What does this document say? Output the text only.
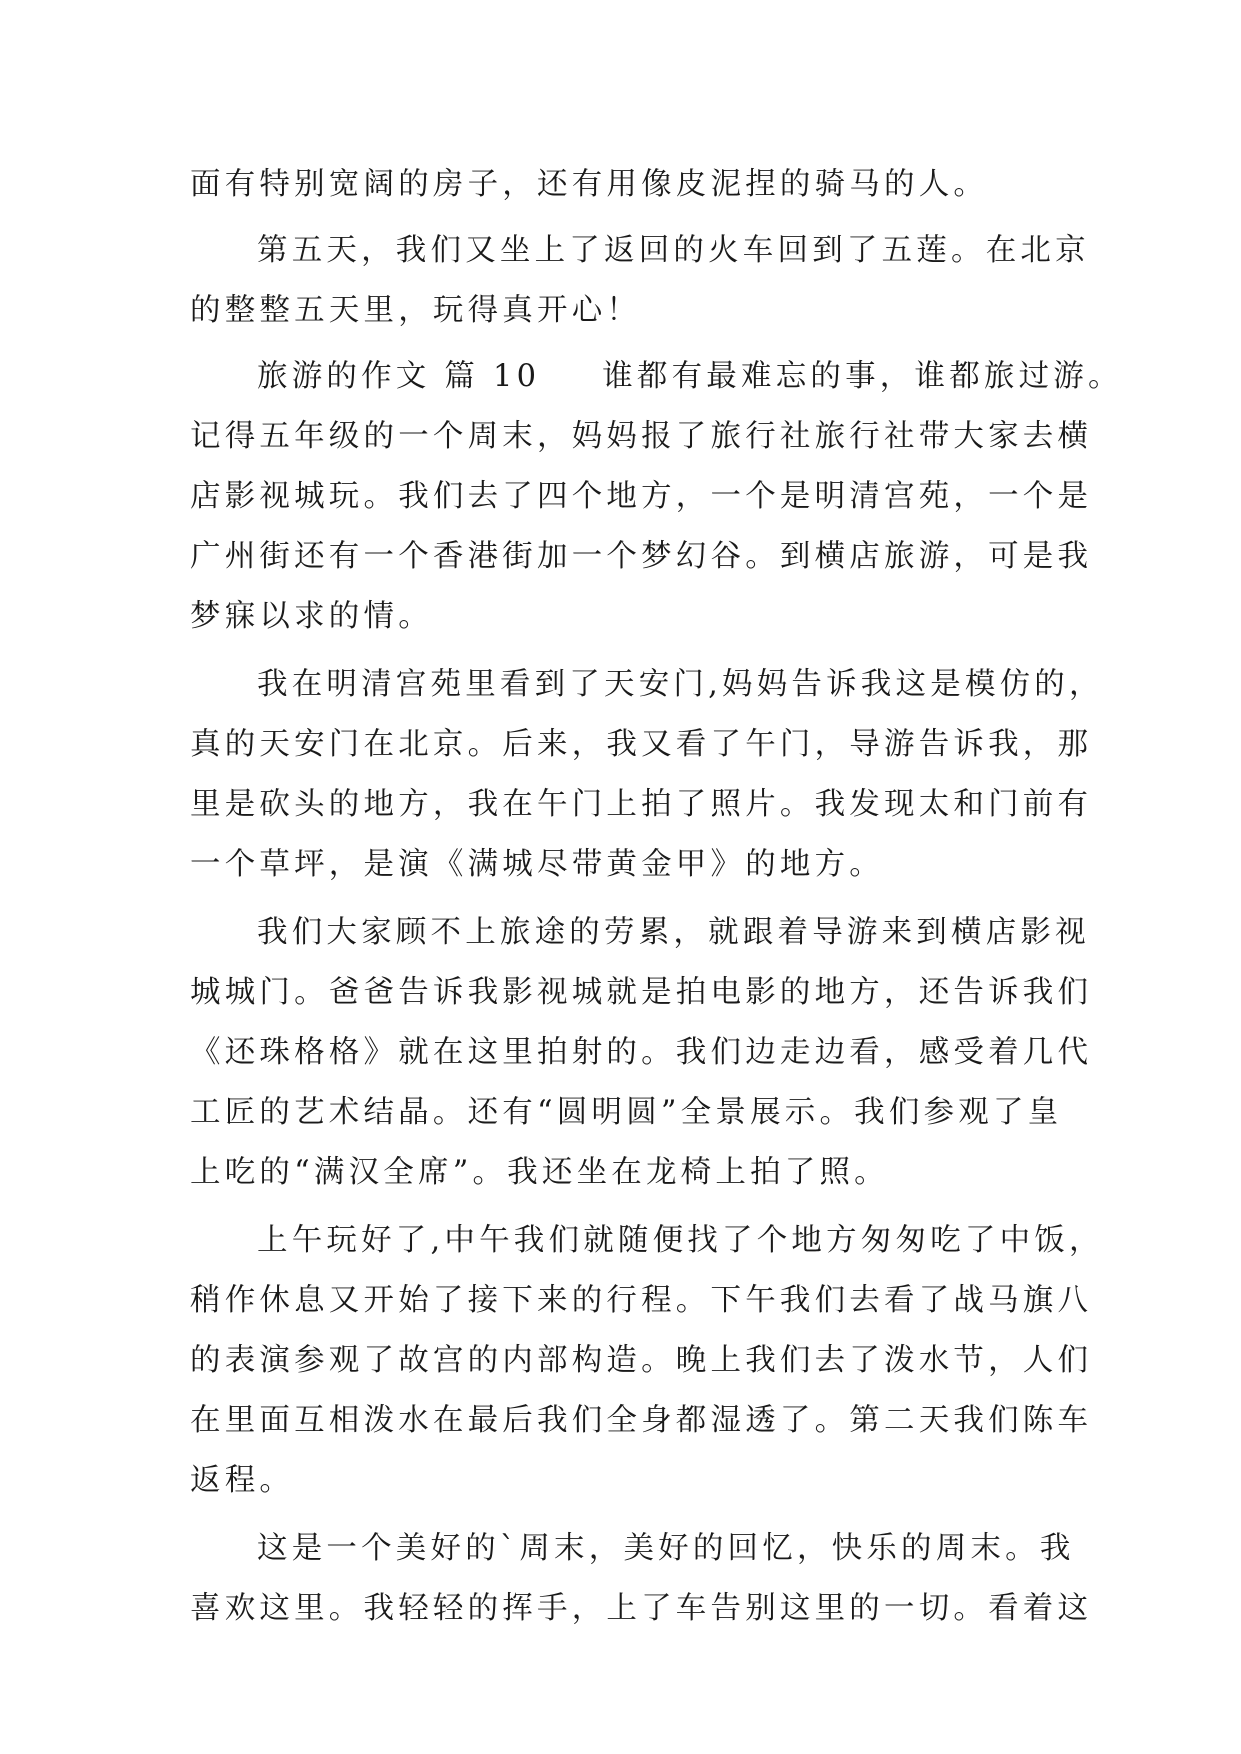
面有特别宽阔的房子，还有用像皮泥捏的骑马的人。
第五天，我们又坐上了返回的火车回到了五莲。在北京
的整整五天里，玩得真开心！
旅游的作文 篇 10 谁都有最难忘的事，谁都旅过游。
记得五年级的一个周末，妈妈报了旅行社旅行社带大家去横
店影视城玩。我们去了四个地方，一个是明清宫苑，一个是
广州街还有一个香港街加一个梦幻谷。到横店旅游，可是我
梦寐以求的情。
我在明清宫苑里看到了天安门,妈妈告诉我这是模仿的，
真的天安门在北京。后来，我又看了午门，导游告诉我，那
里是砍头的地方，我在午门上拍了照片。我发现太和门前有
一个草坪，是演《满城尽带黄金甲》的地方。
我们大家顾不上旅途的劳累，就跟着导游来到横店影视
城城门。爸爸告诉我影视城就是拍电影的地方，还告诉我们
《还珠格格》就在这里拍射的。我们边走边看，感受着几代
工匠的艺术结晶。还有“圆明圆”全景展示。我们参观了皇
上吃的“满汉全席”。我还坐在龙椅上拍了照。
上午玩好了,中午我们就随便找了个地方匆匆吃了中饭，
稍作休息又开始了接下来的行程。下午我们去看了战马旗八
的表演参观了故宫的内部构造。晚上我们去了泼水节，人们
在里面互相泼水在最后我们全身都湿透了。第二天我们陈车
返程。
这是一个美好的`周末，美好的回忆，快乐的周末。我
喜欢这里。我轻轻的挥手，上了车告别这里的一切。看着这
